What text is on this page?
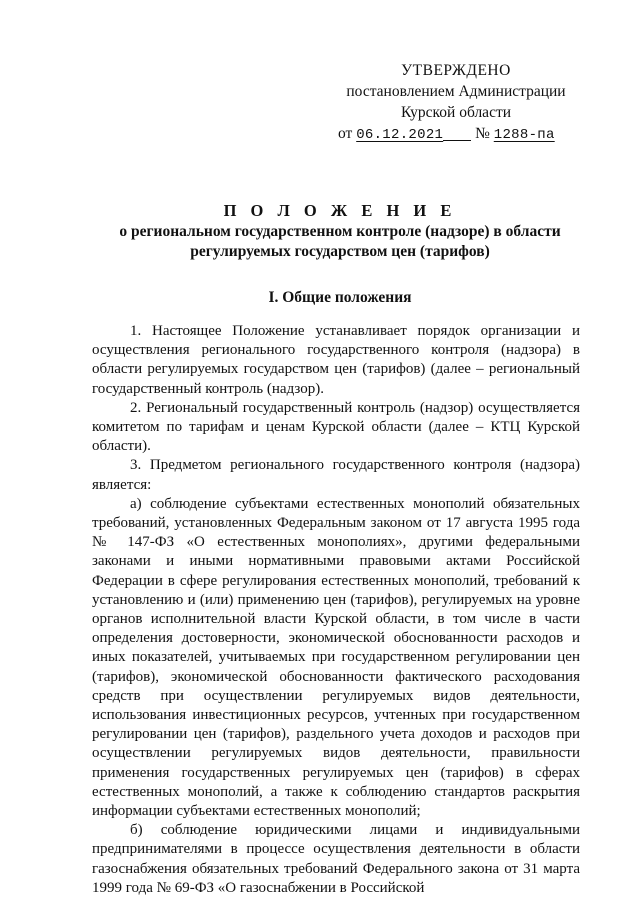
УТВЕРЖДЕНО
постановлением Администрации
Курской области
от 06.12.2021 № 1288-па
П О Л О Ж Е Н И Е
о региональном государственном контроле (надзоре) в области
регулируемых государством цен (тарифов)
I. Общие положения

1. Настоящее Положение устанавливает порядок организации и осуществления регионального государственного контроля (надзора) в области регулируемых государством цен (тарифов) (далее – региональный государственный контроль (надзор).

2. Региональный государственный контроль (надзор) осуществляется комитетом по тарифам и ценам Курской области (далее – КТЦ Курской области).

3. Предметом регионального государственного контроля (надзора) является:

а) соблюдение субъектами естественных монополий обязательных требований, установленных Федеральным законом от 17 августа 1995 года № 147-ФЗ «О естественных монополиях», другими федеральными законами и иными нормативными правовыми актами Российской Федерации в сфере регулирования естественных монополий, требований к установлению и (или) применению цен (тарифов), регулируемых на уровне органов исполнительной власти Курской области, в том числе в части определения достоверности, экономической обоснованности расходов и иных показателей, учитываемых при государственном регулировании цен (тарифов), экономической обоснованности фактического расходования средств при осуществлении регулируемых видов деятельности, использования инвестиционных ресурсов, учтенных при государственном регулировании цен (тарифов), раздельного учета доходов и расходов при осуществлении регулируемых видов деятельности, правильности применения государственных регулируемых цен (тарифов) в сферах естественных монополий, а также к соблюдению стандартов раскрытия информации субъектами естественных монополий;

б) соблюдение юридическими лицами и индивидуальными предпринимателями в процессе осуществления деятельности в области газоснабжения обязательных требований Федерального закона от 31 марта 1999 года № 69-ФЗ «О газоснабжении в Российской
